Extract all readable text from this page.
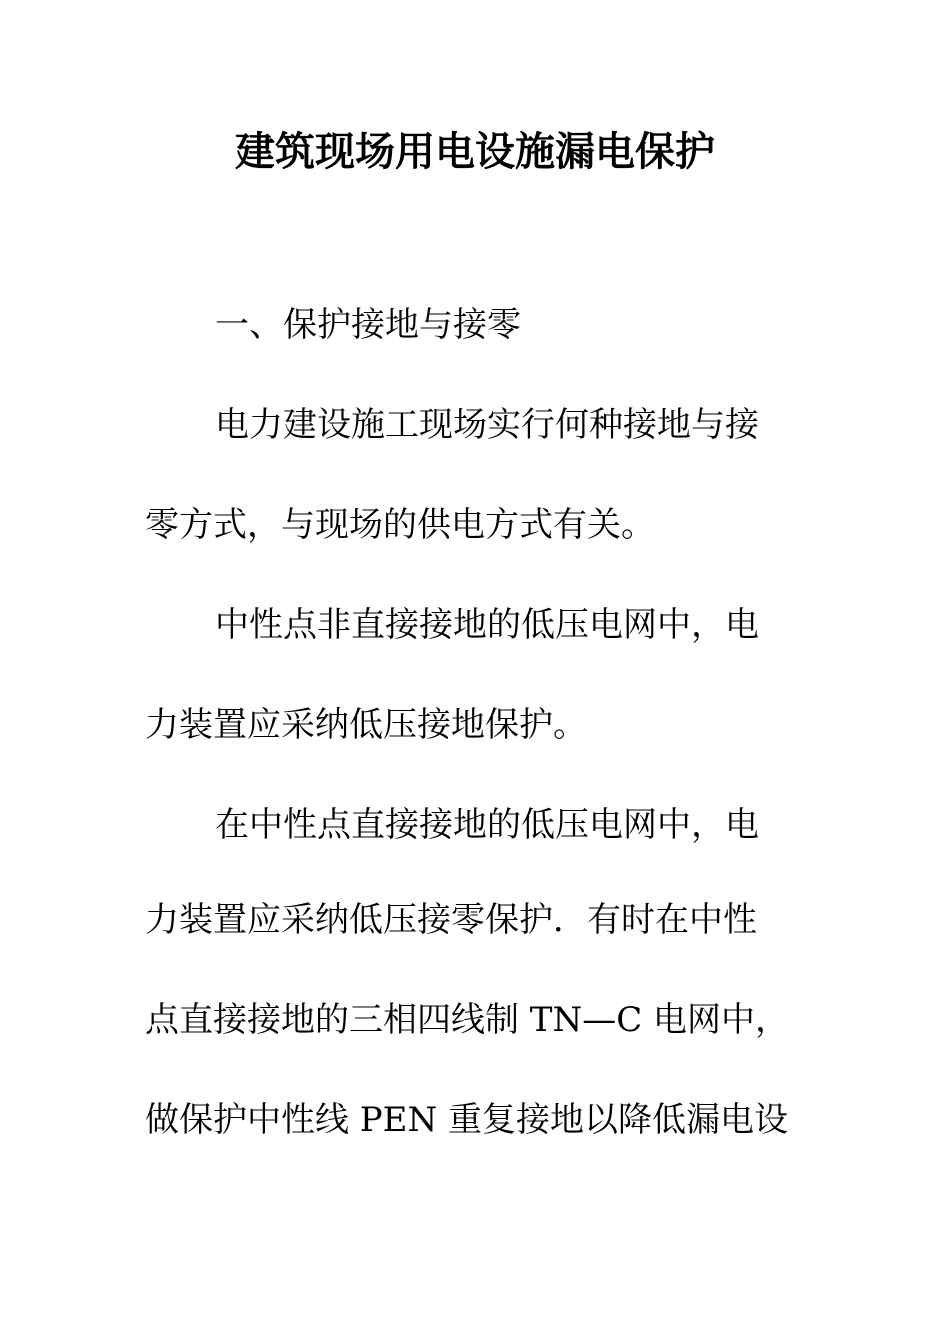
建筑现场用电设施漏电保护

一、保护接地与接零

电力建设施工现场实行何种接地与接

零方式，与现场的供电方式有关。

中性点非直接接地的低压电网中，电

力装置应采纳低压接地保护。

在中性点直接接地的低压电网中，电

力装置应采纳低压接零保护．有时在中性

点直接接地的三相四线制 TN—C 电网中，

做保护中性线 PEN 重复接地以降低漏电设
